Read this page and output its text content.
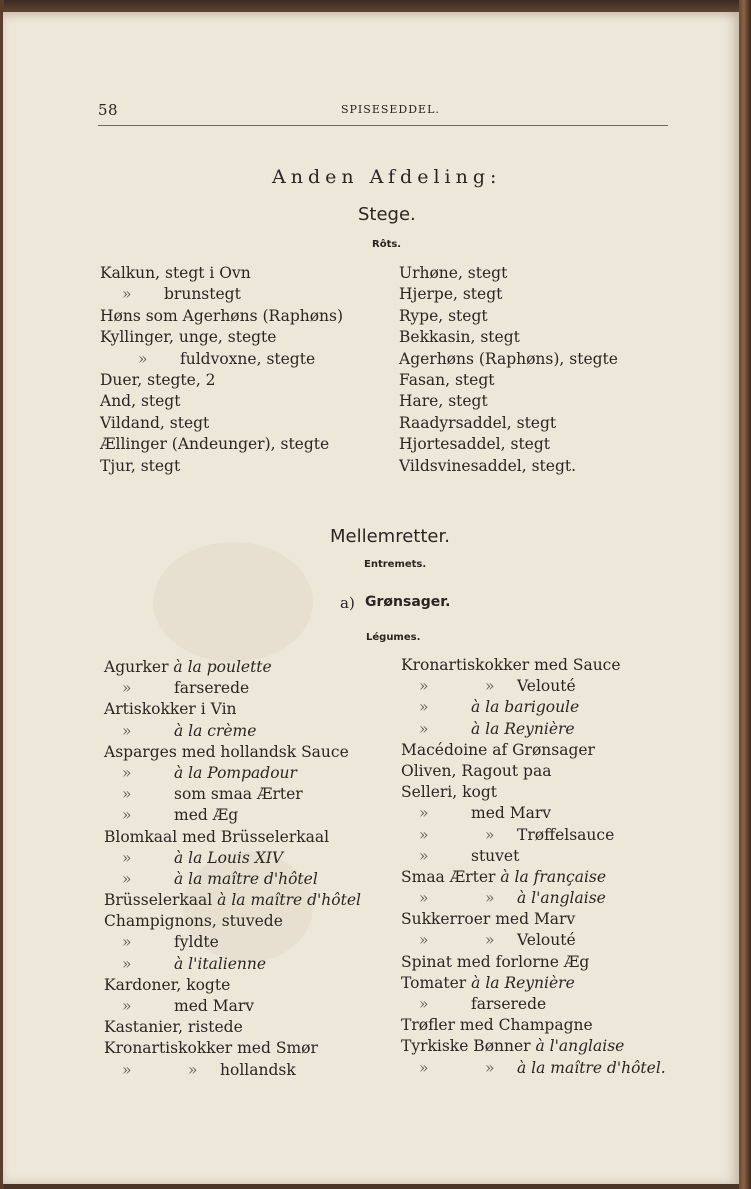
58	SPISESEDDEL.
Anden Afdeling:
Stege.
Rôts.
Kalkun, stegt i Ovn
» brunstegt
Høns som Agerhøns (Raphøns)
Kyllinger, unge, stegte
» fuldvoxne, stegte
Duer, stegte, 2
And, stegt
Vildand, stegt
Ællinger (Andeunger), stegte
Tjur, stegt
Urhøne, stegt
Hjerpe, stegt
Rype, stegt
Bekkasin, stegt
Agerhøns (Raphøns), stegte
Fasan, stegt
Hare, stegt
Raadyrsaddel, stegt
Hjortesaddel, stegt
Vildsvinesaddel, stegt.
Mellemretter.
Entremets.
a) Grønsager.
Légumes.
Agurker à la poulette
»	farserede
Artiskokker i Vin
»	à la crème
Asparges med hollandsk Sauce
»	à la Pompadour
»	som smaa Ærter
»	med Æg
Blomkaal med Brüsselerkaal
»	à la Louis XIV
»	à la maître d'hôtel
Brüsselerkaal à la maître d'hôtel
Champignons, stuvede
»	fyldte
»	à l'italienne
Kardoner, kogte
»	med Marv
Kastanier, ristede
Kronartiskokker med Smør
»	» hollandsk
Kronartiskokker med Sauce
»	» Velouté
»	à la barigoule
»	à la Reynière
Macédoine af Grønsager
Oliven, Ragout paa
Selleri, kogt
»	med Marv
»	» Trøffelsauce
»	stuvet
Smaa Ærter à la française
»	» à l'anglaise
Sukkerroer med Marv
»	» Velouté
Spinat med forlorne Æg
Tomater à la Reynière
»	farserede
Trøfler med Champagne
Tyrkiske Bønner à l'anglaise
»	» à la maître d'hôtel.
